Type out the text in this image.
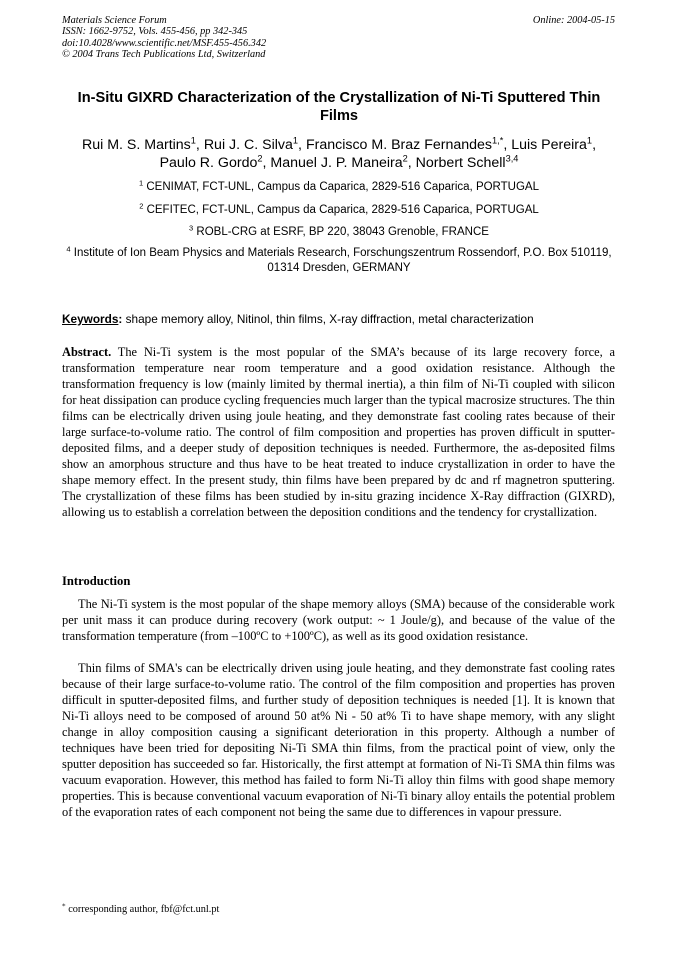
Materials Science Forum
ISSN: 1662-9752, Vols. 455-456, pp 342-345
doi:10.4028/www.scientific.net/MSF.455-456.342
© 2004 Trans Tech Publications Ltd, Switzerland
Online: 2004-05-15
In-Situ GIXRD Characterization of the Crystallization of Ni-Ti Sputtered Thin Films
Rui M. S. Martins$^1$, Rui J. C. Silva$^1$, Francisco M. Braz Fernandes$^{1,*}$, Luis Pereira$^1$, Paulo R. Gordo$^2$, Manuel J. P. Maneira$^2$, Norbert Schell$^{3,4}$
$^1$ CENIMAT, FCT-UNL, Campus da Caparica, 2829-516 Caparica, PORTUGAL
$^2$ CEFITEC, FCT-UNL, Campus da Caparica, 2829-516 Caparica, PORTUGAL
$^3$ ROBL-CRG at ESRF, BP 220, 38043 Grenoble, FRANCE
$^4$ Institute of Ion Beam Physics and Materials Research, Forschungszentrum Rossendorf, P.O. Box 510119, 01314 Dresden, GERMANY
Keywords: shape memory alloy, Nitinol, thin films, X-ray diffraction, metal characterization
Abstract. The Ni-Ti system is the most popular of the SMA’s because of its large recovery force, a transformation temperature near room temperature and a good oxidation resistance. Although the transformation frequency is low (mainly limited by thermal inertia), a thin film of Ni-Ti coupled with silicon for heat dissipation can produce cycling frequencies much larger than the typical macrosize structures. The thin films can be electrically driven using joule heating, and they demonstrate fast cooling rates because of their large surface-to-volume ratio. The control of film composition and properties has proven difficult in sputter-deposited films, and a deeper study of deposition techniques is needed. Furthermore, the as-deposited films show an amorphous structure and thus have to be heat treated to induce crystallization in order to have the shape memory effect. In the present study, thin films have been prepared by dc and rf magnetron sputtering. The crystallization of these films has been studied by in-situ grazing incidence X-Ray diffraction (GIXRD), allowing us to establish a correlation between the deposition conditions and the tendency for crystallization.
Introduction
The Ni-Ti system is the most popular of the shape memory alloys (SMA) because of the considerable work per unit mass it can produce during recovery (work output: ~ 1 Joule/g), and because of the value of the transformation temperature (from –100ºC to +100ºC), as well as its good oxidation resistance.
Thin films of SMA's can be electrically driven using joule heating, and they demonstrate fast cooling rates because of their large surface-to-volume ratio. The control of the film composition and properties has proven difficult in sputter-deposited films, and further study of deposition techniques is needed [1]. It is known that Ni-Ti alloys need to be composed of around 50 at% Ni - 50 at% Ti to have shape memory, with any slight change in alloy composition causing a significant deterioration in this property. Although a number of techniques have been tried for depositing Ni-Ti SMA thin films, from the practical point of view, only the sputter deposition has succeeded so far. Historically, the first attempt at formation of Ni-Ti SMA thin films was vacuum evaporation. However, this method has failed to form Ni-Ti alloy thin films with good shape memory properties. This is because conventional vacuum evaporation of Ni-Ti binary alloy entails the potential problem of the evaporation rates of each component not being the same due to differences in vapour pressure.
* corresponding author, fbf@fct.unl.pt
